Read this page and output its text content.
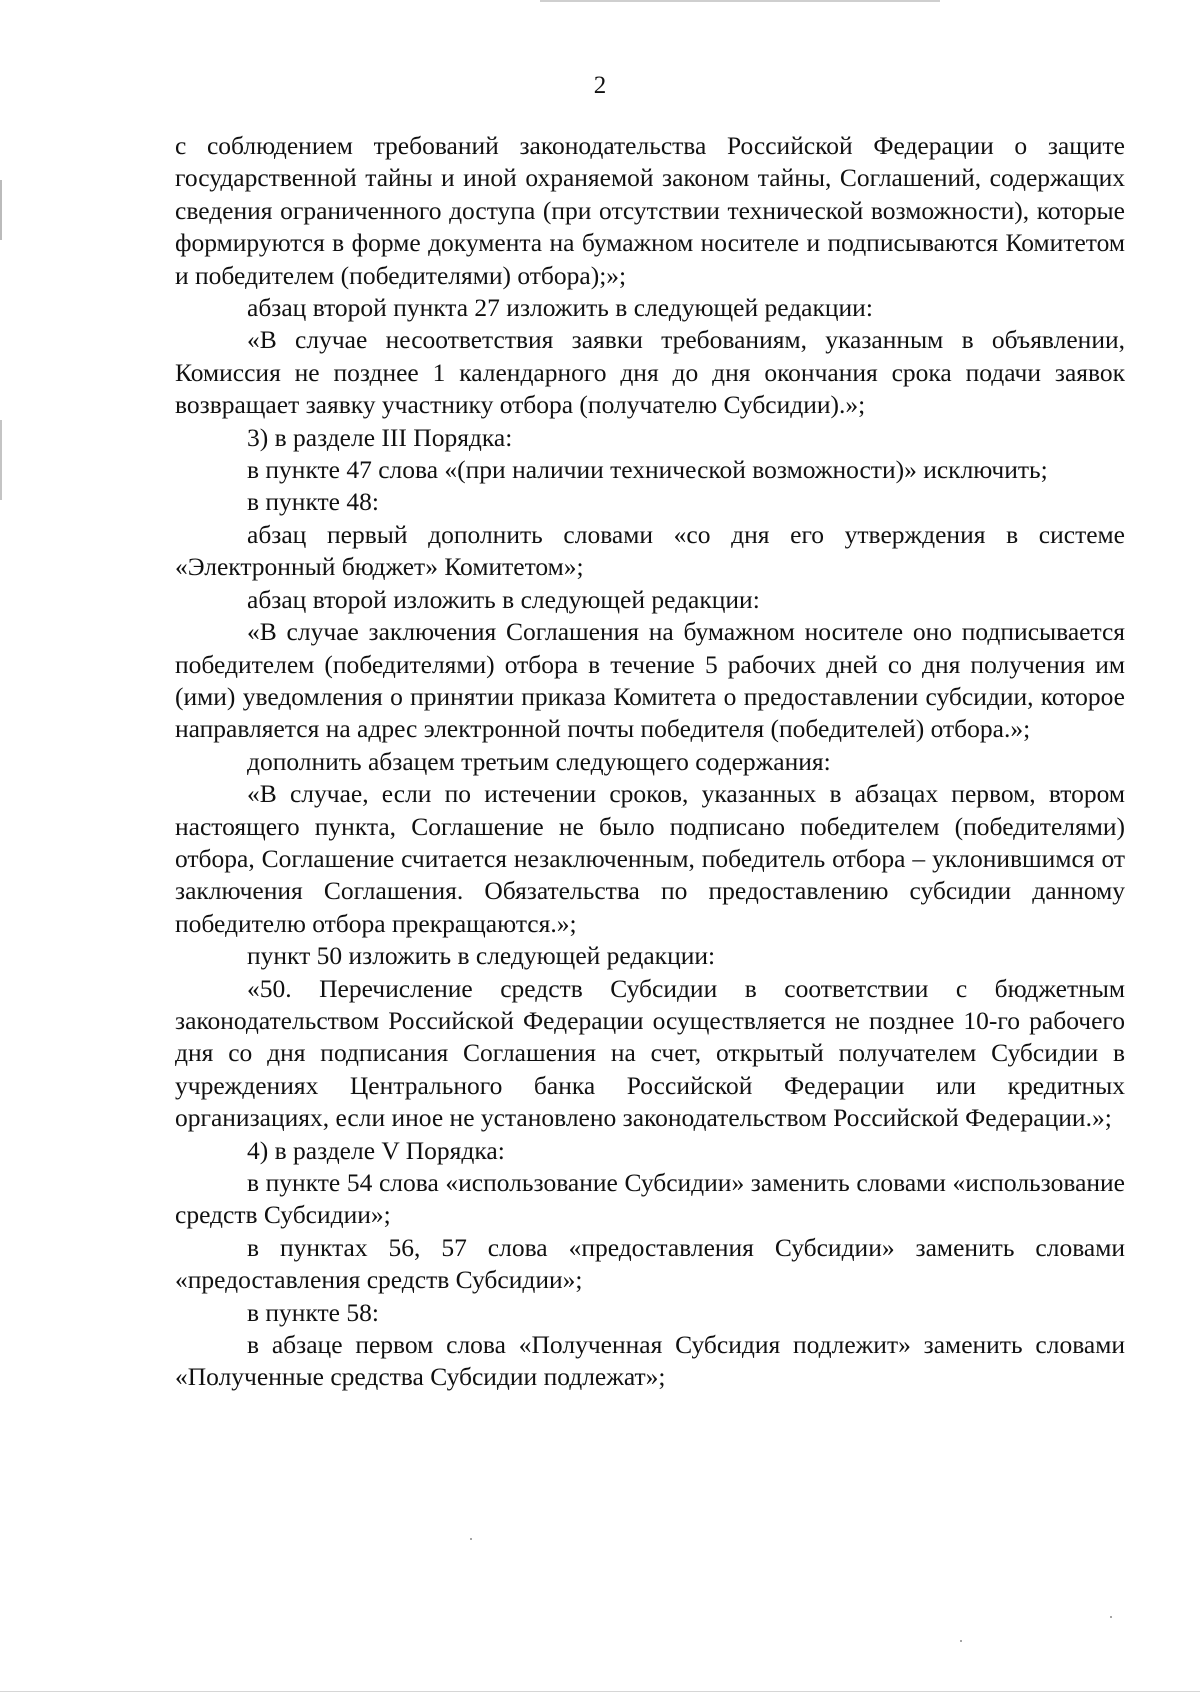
2

с соблюдением требований законодательства Российской Федерации о защите государственной тайны и иной охраняемой законом тайны, Соглашений, содержащих сведения ограниченного доступа (при отсутствии технической возможности), которые формируются в форме документа на бумажном носителе и подписываются Комитетом и победителем (победителями) отбора);»;

абзац второй пункта 27 изложить в следующей редакции:

«В случае несоответствия заявки требованиям, указанным в объявлении, Комиссия не позднее 1 календарного дня до дня окончания срока подачи заявок возвращает заявку участнику отбора (получателю Субсидии).»;

3) в разделе III Порядка:

в пункте 47 слова «(при наличии технической возможности)» исключить;

в пункте 48:

абзац первый дополнить словами «со дня его утверждения в системе «Электронный бюджет» Комитетом»;

абзац второй изложить в следующей редакции:

«В случае заключения Соглашения на бумажном носителе оно подписывается победителем (победителями) отбора в течение 5 рабочих дней со дня получения им (ими) уведомления о принятии приказа Комитета о предоставлении субсидии, которое направляется на адрес электронной почты победителя (победителей) отбора.»;

дополнить абзацем третьим следующего содержания:

«В случае, если по истечении сроков, указанных в абзацах первом, втором настоящего пункта, Соглашение не было подписано победителем (победителями) отбора, Соглашение считается незаключенным, победитель отбора – уклонившимся от заключения Соглашения. Обязательства по предоставлению субсидии данному победителю отбора прекращаются.»;

пункт 50 изложить в следующей редакции:

«50. Перечисление средств Субсидии в соответствии с бюджетным законодательством Российской Федерации осуществляется не позднее 10-го рабочего дня со дня подписания Соглашения на счет, открытый получателем Субсидии в учреждениях Центрального банка Российской Федерации или кредитных организациях, если иное не установлено законодательством Российской Федерации.»;

4) в разделе V Порядка:

в пункте 54 слова «использование Субсидии» заменить словами «использование средств Субсидии»;

в пунктах 56, 57 слова «предоставления Субсидии» заменить словами «предоставления средств Субсидии»;

в пункте 58:

в абзаце первом слова «Полученная Субсидия подлежит» заменить словами «Полученные средства Субсидии подлежат»;
